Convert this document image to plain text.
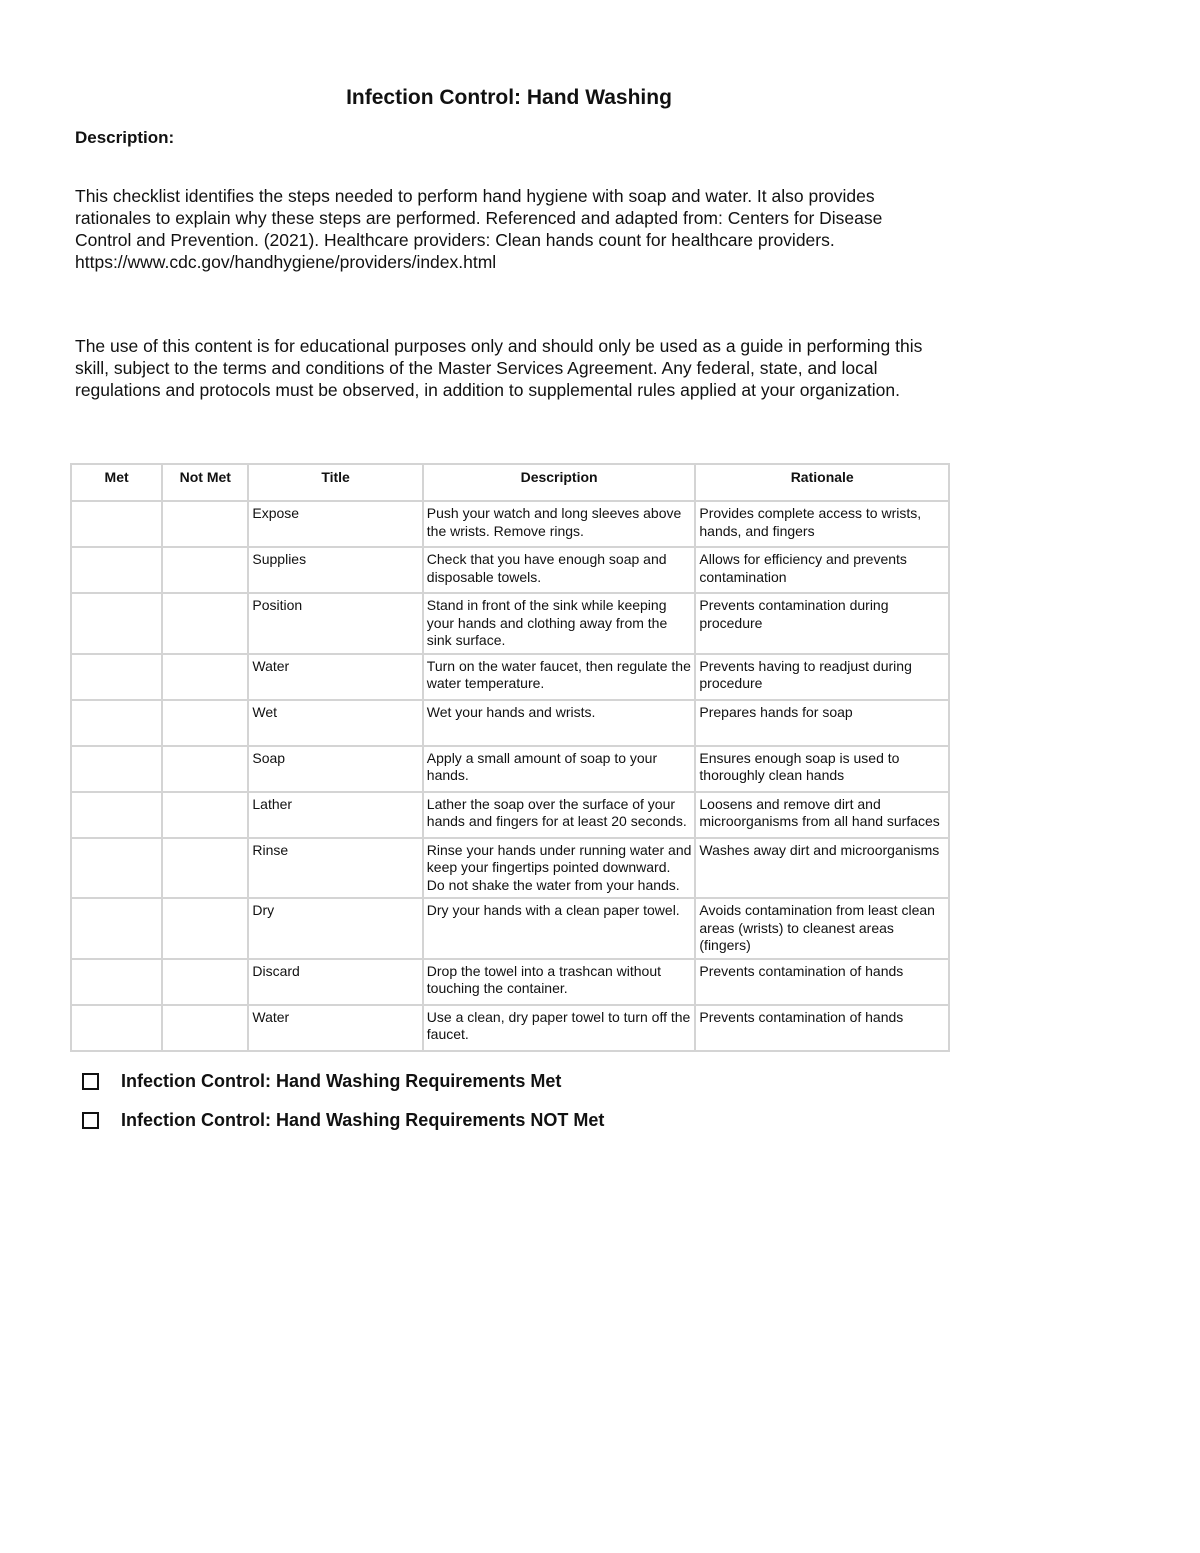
Infection Control: Hand Washing
Description:

This checklist identifies the steps needed to perform hand hygiene with soap and water. It also provides rationales to explain why these steps are performed. Referenced and adapted from: Centers for Disease Control and Prevention. (2021). Healthcare providers: Clean hands count for healthcare providers. https://www.cdc.gov/handhygiene/providers/index.html

The use of this content is for educational purposes only and should only be used as a guide in performing this skill, subject to the terms and conditions of the Master Services Agreement. Any federal, state, and local regulations and protocols must be observed, in addition to supplemental rules applied at your organization.

Met	Not Met	Title	Description	Rationale
		Expose	Push your watch and long sleeves above the wrists. Remove rings.	Provides complete access to wrists, hands, and fingers
		Supplies	Check that you have enough soap and disposable towels.	Allows for efficiency and prevents contamination
		Position	Stand in front of the sink while keeping your hands and clothing away from the sink surface.	Prevents contamination during procedure
		Water	Turn on the water faucet, then regulate the water temperature.	Prevents having to readjust during procedure
		Wet	Wet your hands and wrists.	Prepares hands for soap
		Soap	Apply a small amount of soap to your hands.	Ensures enough soap is used to thoroughly clean hands
		Lather	Lather the soap over the surface of your hands and fingers for at least 20 seconds.	Loosens and remove dirt and microorganisms from all hand surfaces
		Rinse	Rinse your hands under running water and keep your fingertips pointed downward. Do not shake the water from your hands.	Washes away dirt and microorganisms
		Dry	Dry your hands with a clean paper towel.	Avoids contamination from least clean areas (wrists) to cleanest areas (fingers)
		Discard	Drop the towel into a trashcan without touching the container.	Prevents contamination of hands
		Water	Use a clean, dry paper towel to turn off the faucet.	Prevents contamination of hands
Infection Control: Hand Washing Requirements Met
Infection Control: Hand Washing Requirements NOT Met
